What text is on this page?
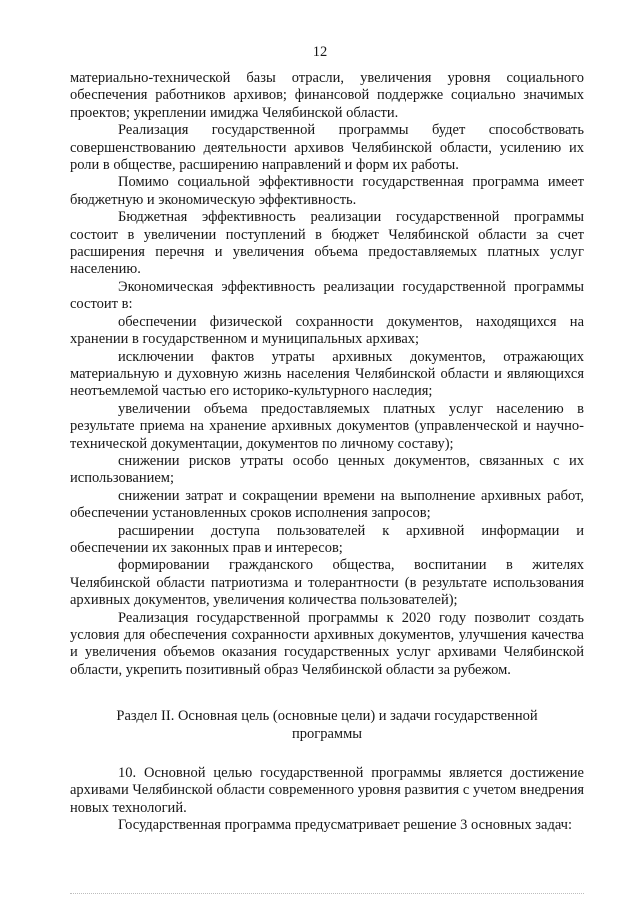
12

материально-технической базы отрасли, увеличения уровня социального обеспечения работников архивов; финансовой поддержке социально значимых проектов; укреплении имиджа Челябинской области.

Реализация государственной программы будет способствовать совершенствованию деятельности архивов Челябинской области, усилению их роли в обществе, расширению направлений и форм их работы.

Помимо социальной эффективности государственная программа имеет бюджетную и экономическую эффективность.

Бюджетная эффективность реализации государственной программы состоит в увеличении поступлений в бюджет Челябинской области за счет расширения перечня и увеличения объема предоставляемых платных услуг населению.

Экономическая эффективность реализации государственной программы состоит в:

обеспечении физической сохранности документов, находящихся на хранении в государственном и муниципальных архивах;

исключении фактов утраты архивных документов, отражающих материальную и духовную жизнь населения Челябинской области и являющихся неотъемлемой частью его историко-культурного наследия;

увеличении объема предоставляемых платных услуг населению в результате приема на хранение архивных документов (управленческой и научно-технической документации, документов по личному составу);

снижении рисков утраты особо ценных документов, связанных с их использованием;

снижении затрат и сокращении времени на выполнение архивных работ, обеспечении установленных сроков исполнения запросов;

расширении доступа пользователей к архивной информации и обеспечении их законных прав и интересов;

формировании гражданского общества, воспитании в жителях Челябинской области патриотизма и толерантности (в результате использования архивных документов, увеличения количества пользователей);

Реализация государственной программы к 2020 году позволит создать условия для обеспечения сохранности архивных документов, улучшения качества и увеличения объемов оказания государственных услуг архивами Челябинской области, укрепить позитивный образ Челябинской области за рубежом.

Раздел II. Основная цель (основные цели) и задачи государственной
программы

10. Основной целью государственной программы является достижение архивами Челябинской области современного уровня развития с учетом внедрения новых технологий.

Государственная программа предусматривает решение 3 основных задач:
